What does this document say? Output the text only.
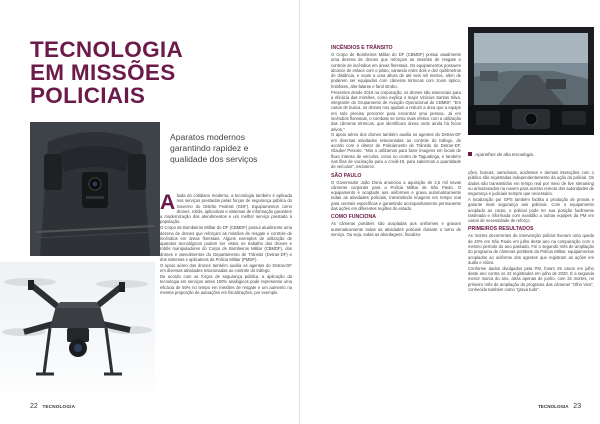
TECNOLOGIA
EM MISSÕES
POLICIAIS
Aparatos modernos
garantindo rapidez e
qualidade dos serviços

Aliada do cotidiano moderno, a tecnologia também é aplicada nos serviços prestados pelas forças de segurança pública do Governo do Distrito Federal (GDF). Equipamentos como drones, robôs, aplicativos e sistemas de informação garantem a modernização dos atendimentos e um melhor serviço prestado à população.

O Corpo de Bombeiros Militar do DF (CBMDF) possui atualmente uma dezena de drones que reforçam as missões de resgate e controle de incêndios em áreas florestais. Alguns exemplos de utilização de aparatos tecnológicos podem ser vistos no trabalho dos drones e robôs manipuladores do Corpo de Bombeiros Militar (CBMDF), dos drones e atendimentos do Departamento de Trânsito (Detran-DF) e dos sistemas e aplicativos da Polícia Militar (PMDF).

O apoio aéreo dos drones também auxilia os agentes do Detran-DF em diversas atividades relacionadas ao controle do tráfego.

De acordo com as forças de segurança pública, a aplicação da tecnologia em serviços antes 100% analógicos pode representar uma eficácia de 50% no tempo em missões de resgate e um aumento na mesma proporção de autuações em fiscalizações, por exemplo.

22 TECNOLOGIA
INCÊNDIOS E TRÂNSITO

O Corpo de Bombeiros Militar do DF (CBMDF) possui atualmente uma dezena de drones que reforçam as missões de resgate e controle de incêndios em áreas florestais. Os equipamentos possuem alcance de enlace com o piloto, variando entre dois e dez quilômetros de distância, e voam a uma altura de até seis mil metros, além de poderem ser equipados com câmeras térmicas com zoom óptico, holofotes, alto-falante e farol strobo.

Presentes desde 2018 na corporação, os drones são essenciais para a eficácia das missões, como explica o major Vinícius Santos Silva, integrante do Grupamento de Aviação Operacional do CBMDF. "Em casos de busca, os drones nos ajudam a reduzir a área que a equipe em solo precisa percorrer para encontrar uma pessoa. Já em incêndios florestais, o combate se torna mais efetivo com a utilização das câmeras térmicas, que identificam áreas onde ainda há focos ativos."

O apoio aéreo dos drones também auxilia os agentes do Detran-DF em diversas atividades relacionadas ao controle do tráfego, de acordo com o diretor de Policiamento de Trânsito do Detran-DF, Glauber Peixoto. "Nós o utilizamos para fazer imagens em locais de fluxo intenso de veículos, como no centro de Taguatinga, e também nas filas de vacinação para a covid-19, para sabermos a quantidade de veículos", esclarece.

SÃO PAULO

O Governador João Doria anunciou a aquisição de 2,5 mil novas câmeras corporais para a Polícia Militar de São Paulo. O equipamento é acoplado aos uniformes e grava automaticamente todas as atividades policiais, transmitindo imagens em tempo real para centrais específicas e garantindo acompanhamento permanente das ações em diferentes regiões do estado.

COMO FUNCIONA

As câmeras portáteis são acopladas aos uniformes e gravam automaticamente todas as atividades policiais durante o turno de serviço. Ou seja, todas as abordagens, fiscaliza-

Aparelhos de alta tecnologia.

ções, buscas, varreduras, acidentes e demais interações com o público são registradas independentemente da ação do policial. Os dados são transmitidos em tempo real por meio de live streaming ou armazenados na nuvem para acesso remoto dos autoridades de segurança e judiciais sempre que necessário.

A localização por GPS também facilita a produção de provas e garante mais segurança aos policiais. Com o equipamento acoplado ao corpo, o policial pode ter sua posição facilmente rastreada e informada com exatidão a outras equipes da PM em casos de necessidade de reforço.

PRIMEIROS RESULTADOS

As mortes decorrentes de intervenção policial tiveram uma queda de 40% em São Paulo em julho deste ano na comparação com o mesmo período do ano passado. Foi o segundo mês de ampliação do programa de câmeras portáteis da Polícia Militar, equipamentos acoplados ao uniforme dos agentes que registram as ações em áudio e vídeo.

Conforme dados divulgados pela PM, foram 25 casos em julho deste ano contra os 42 registrados em julho de 2020. É a segunda menor marca do ano, atrás apenas de junho, com 22 mortes, no primeiro mês de ampliação do programa das câmeras "Olho Vivo", conhecido também como "grava tudo".

TECNOLOGIA 23
